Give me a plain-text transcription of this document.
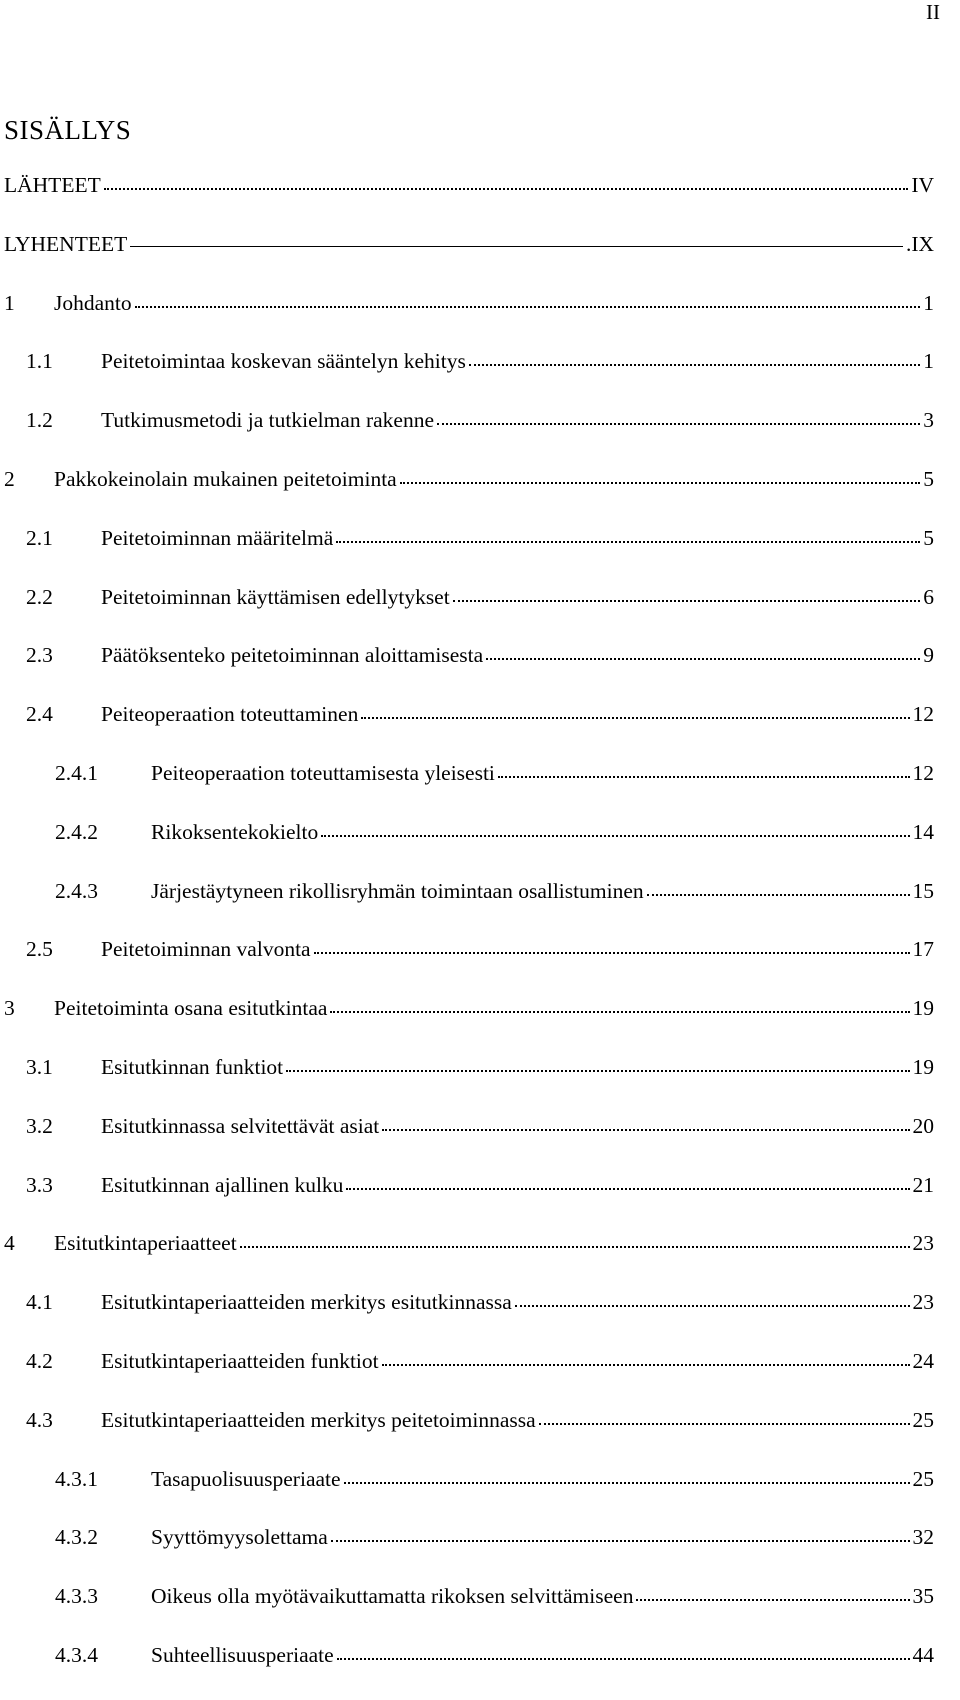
II
SISÄLLYS
LÄHTEET	IV
LYHENTEET	.IX
1	Johdanto	1
1.1	Peitetoimintaa koskevan sääntelyn kehitys	1
1.2	Tutkimusmetodi ja tutkielman rakenne	3
2	Pakkokeinolain mukainen peitetoiminta	5
2.1	Peitetoiminnan määritelmä	5
2.2	Peitetoiminnan käyttämisen edellytykset	6
2.3	Päätöksenteko peitetoiminnan aloittamisesta	9
2.4	Peiteoperaation toteuttaminen	12
2.4.1	Peiteoperaation toteuttamisesta yleisesti	12
2.4.2	Rikoksentekokielto	14
2.4.3	Järjestäytyneen rikollisryhmän toimintaan osallistuminen	15
2.5	Peitetoiminnan valvonta	17
3	Peitetoiminta osana esitutkintaa	19
3.1	Esitutkinnan funktiot	19
3.2	Esitutkinnassa selvitettävät asiat	20
3.3	Esitutkinnan ajallinen kulku	21
4	Esitutkintaperiaatteet	23
4.1	Esitutkintaperiaatteiden merkitys esitutkinnassa	23
4.2	Esitutkintaperiaatteiden funktiot	24
4.3	Esitutkintaperiaatteiden merkitys peitetoiminnassa	25
4.3.1	Tasapuolisuusperiaate	25
4.3.2	Syyttömyysolettama	32
4.3.3	Oikeus olla myötävaikuttamatta rikoksen selvittämiseen	35
4.3.4	Suhteellisuusperiaate	44
